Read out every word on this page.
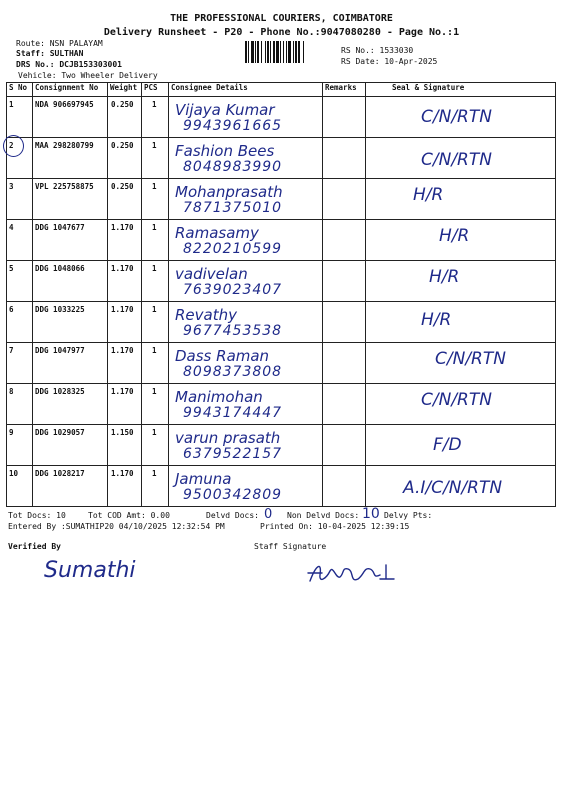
THE PROFESSIONAL COURIERS, COIMBATORE
Delivery Runsheet - P20 - Phone No.:9047080280 - Page No.:1
Route: NSN PALAYAM
Staff: SULTHAN
DRS No.: DCJB153303001
Vehicle: Two Wheeler Delivery
RS No.: 1533030
RS Date: 10-Apr-2025
S No	Consignment No	Weight	PCS	Consignee Details	Remarks	Seal & Signature

1	NDA 906697945	0.250	1	Vijaya Kumar
9943961665		C/N/RTN

2	MAA 298280799	0.250	1	Fashion Bees
8048983990		C/N/RTN

3	VPL 225758875	0.250	1	Mohanprasath
7871375010		H/R

4	DDG 1047677	1.170	1	Ramasamy
8220210599		H/R

5	DDG 1048066	1.170	1	vadivelan
7639023407		H/R

6	DDG 1033225	1.170	1	Revathy
9677453538		H/R

7	DDG 1047977	1.170	1	Dass Raman
8098373808		C/N/RTN

8	DDG 1028325	1.170	1	Manimohan
9943174447		C/N/RTN

9	DDG 1029057	1.150	1	varun prasath
6379522157		F/D

10	DDG 1028217	1.170	1	Jamuna
9500342809		A.I/C/N/RTN
Tot Docs: 10	Tot COD Amt: 0.00	Delvd Docs: 0 Non Delvd Docs: 10 Delvy Pts:
Entered By :SUMATHIP20 04/10/2025 12:32:54 PM	Printed On: 10-04-2025 12:39:15
Verified By	Staff Signature
Sumathi
